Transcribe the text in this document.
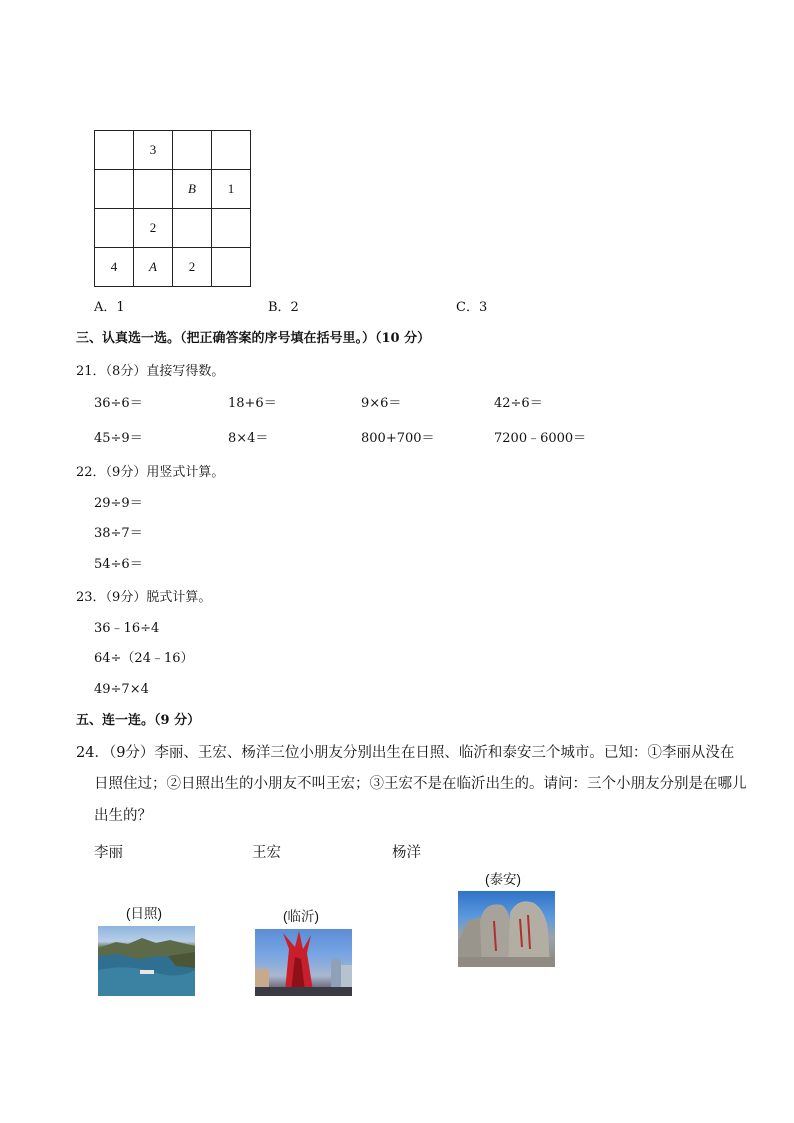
	3		
		B	1
	2		
4	A	2	
A．1	B．2	C．3
三、认真选一选。（把正确答案的序号填在括号里。）（10 分）
21．（8分）直接写得数。
36÷6＝	18+6＝	9×6＝	42÷6＝
45÷9＝	8×4＝	800+700＝	7200﹣6000＝
22．（9分）用竖式计算。
29÷9＝
38÷7＝
54÷6＝
23．（9分）脱式计算。
36﹣16÷4
64÷（24﹣16）
49÷7×4
五、连一连。（9 分）
24．（9分）李丽、王宏、杨洋三位小朋友分别出生在日照、临沂和泰安三个城市。已知：①李丽从没在
日照住过；②日照出生的小朋友不叫王宏；③王宏不是在临沂出生的。请问：三个小朋友分别是在哪儿
出生的？
李丽	王宏	杨洋
(日照)	(临沂)
(泰安)
